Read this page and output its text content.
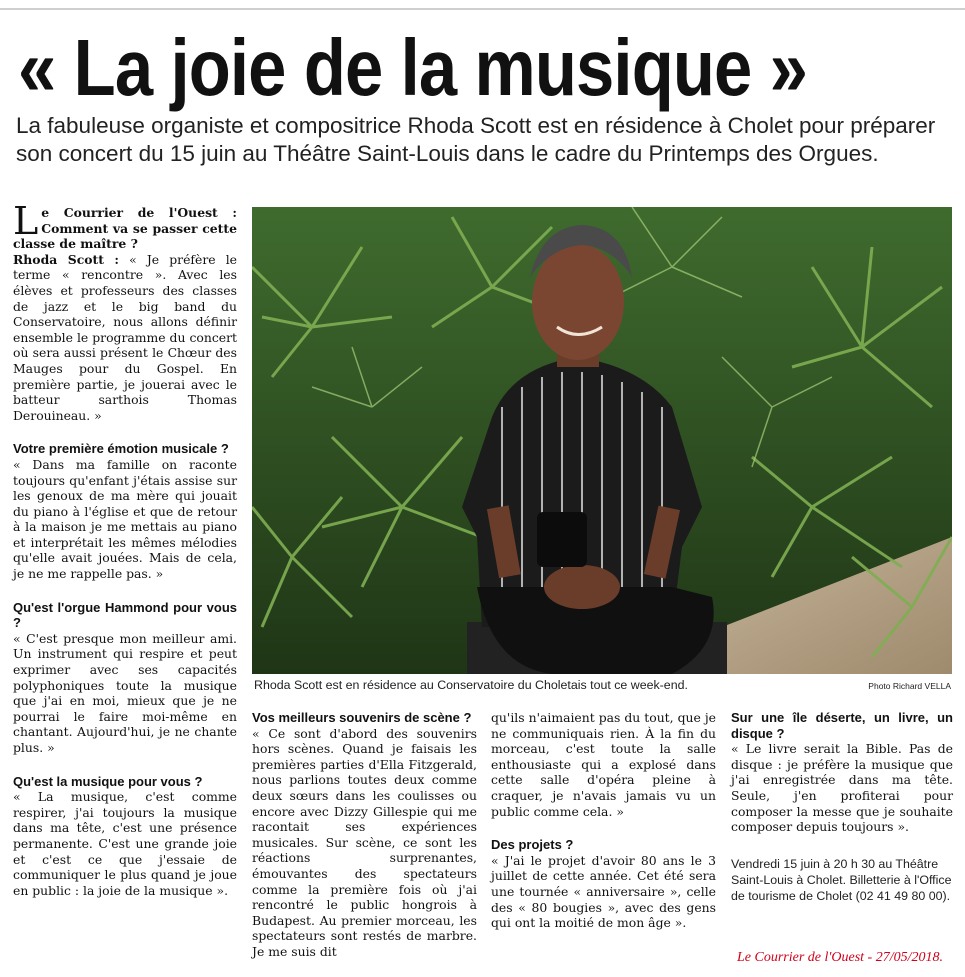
« La joie de la musique »
La fabuleuse organiste et compositrice Rhoda Scott est en résidence à Cholet pour préparer son concert du 15 juin au Théâtre Saint-Louis dans le cadre du Printemps des Orgues.

L e Courrier de l'Ouest : Comment va se passer cette classe de maître ?
Rhoda Scott : « Je préfère le terme « rencontre ». Avec les élèves et professeurs des classes de jazz et le big band du Conservatoire, nous allons définir ensemble le programme du concert où sera aussi présent le Chœur des Mauges pour du Gospel. En première partie, je jouerai avec le batteur sarthois Thomas Derouineau. »

Votre première émotion musicale ?

« Dans ma famille on raconte toujours qu'enfant j'étais assise sur les genoux de ma mère qui jouait du piano à l'église et que de retour à la maison je me mettais au piano et interprétait les mêmes mélodies qu'elle avait jouées. Mais de cela, je ne me rappelle pas. »

Qu'est l'orgue Hammond pour vous ?

« C'est presque mon meilleur ami. Un instrument qui respire et peut exprimer avec ses capacités polyphoniques toute la musique que j'ai en moi, mieux que je ne pourrai le faire moi-même en chantant. Aujourd'hui, je ne chante plus. »

Qu'est la musique pour vous ?

« La musique, c'est comme respirer, j'ai toujours la musique dans ma tête, c'est une présence permanente. C'est une grande joie et c'est ce que j'essaie de communiquer le plus quand je joue en public : la joie de la musique ».

Rhoda Scott est en résidence au Conservatoire du Choletais tout ce week-end.	Photo Richard VELLA

Vos meilleurs souvenirs de scène ?

« Ce sont d'abord des souvenirs hors scènes. Quand je faisais les premières parties d'Ella Fitzgerald, nous parlions toutes deux comme deux sœurs dans les coulisses ou encore avec Dizzy Gillespie qui me racontait ses expériences musicales. Sur scène, ce sont les réactions surprenantes, émouvantes des spectateurs comme la première fois où j'ai rencontré le public hongrois à Budapest. Au premier morceau, les spectateurs sont restés de marbre. Je me suis dit

qu'ils n'aimaient pas du tout, que je ne communiquais rien. À la fin du morceau, c'est toute la salle enthousiaste qui a explosé dans cette salle d'opéra pleine à craquer, je n'avais jamais vu un public comme cela. »

Des projets ?

« J'ai le projet d'avoir 80 ans le 3 juillet de cette année. Cet été sera une tournée « anniversaire », celle des « 80 bougies », avec des gens qui ont la moitié de mon âge ».

Sur une île déserte, un livre, un disque ?

« Le livre serait la Bible. Pas de disque : je préfère la musique que j'ai enregistrée dans ma tête. Seule, j'en profiterai pour composer la messe que je souhaite composer depuis toujours ».

Vendredi 15 juin à 20 h 30 au Théâtre Saint-Louis à Cholet. Billetterie à l'Office de tourisme de Cholet (02 41 49 80 00).
Le Courrier de l'Ouest - 27/05/2018.
